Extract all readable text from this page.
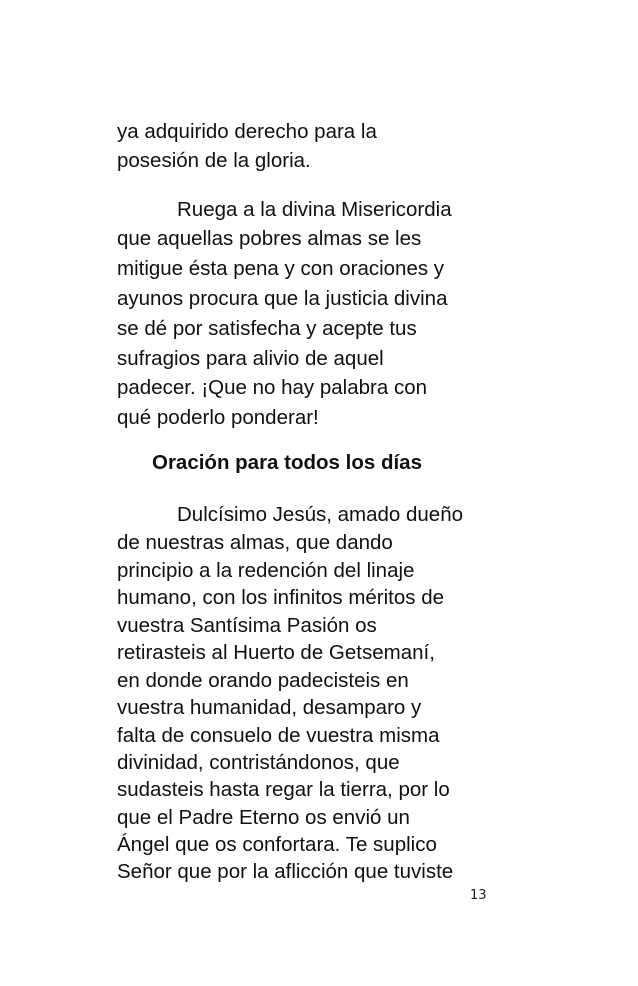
ya adquirido derecho para la
posesión de la gloria.
Ruega a la divina Misericordia
que aquellas pobres almas se les
mitigue ésta pena y con oraciones y
ayunos procura que la justicia divina
se dé por satisfecha y acepte tus
sufragios para alivio de aquel
padecer. ¡Que no hay palabra con
qué poderlo ponderar!
Oración para todos los días
Dulcísimo Jesús, amado dueño
de nuestras almas, que dando
principio a la redención del linaje
humano, con los infinitos méritos de
vuestra Santísima Pasión os
retirasteis al Huerto de Getsemaní,
en donde orando padecisteis en
vuestra humanidad, desamparo y
falta de consuelo de vuestra misma
divinidad, contristándonos, que
sudasteis hasta regar la tierra, por lo
que el Padre Eterno os envió un
Ángel que os confortara. Te suplico
Señor que por la aflicción que tuviste
13
